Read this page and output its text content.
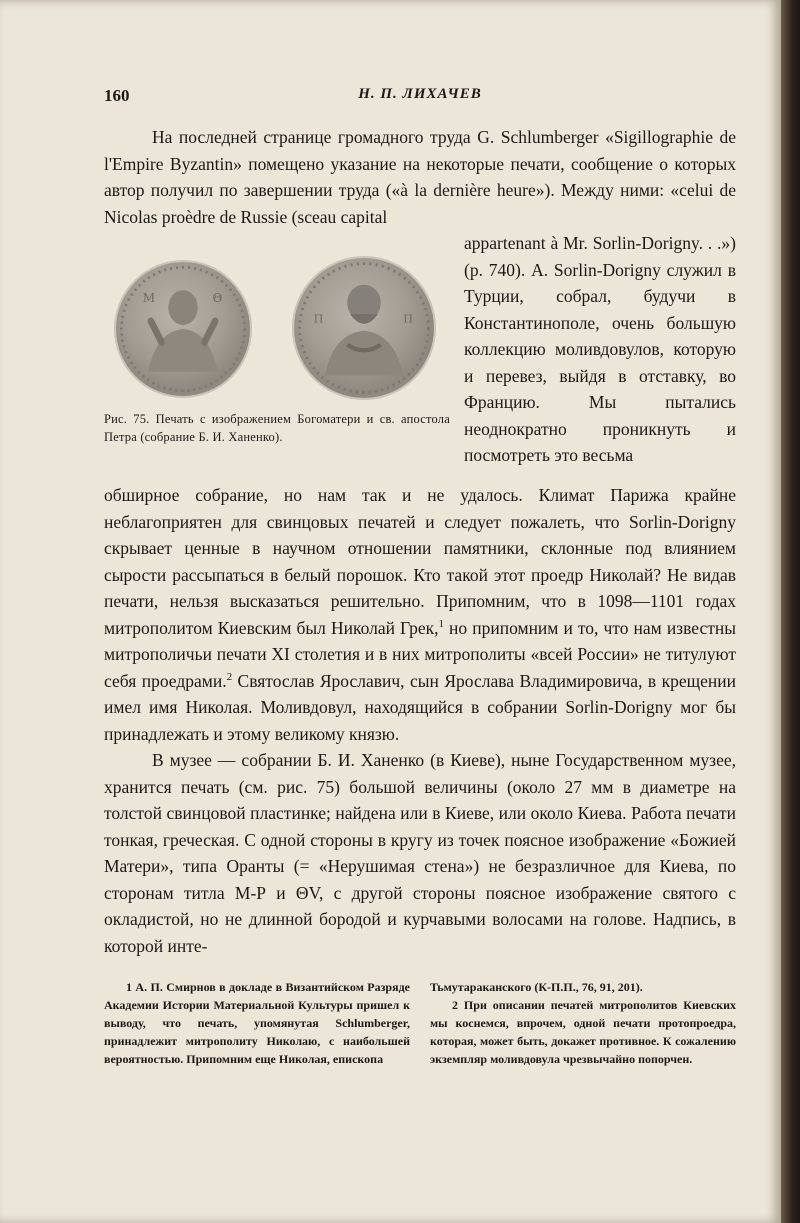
160	Н. П. ЛИХАЧЕВ
На последней странице громадного труда G. Schlumberger «Sigillographie de l'Empire Byzantin» помещено указание на некоторые печати, сообщение о которых автор получил по завершении труда («à la dernière heure»). Между ними: «celui de Nicolas proèdre de Russie (sceau capital
M	Θ
Π	Π
Рис. 75. Печать с изображением Богоматери и св. апостола Петра (собрание Б. И. Ханенко).
appartenant à Mr. Sorlin-Dorigny. . .») (p. 740). А. Sorlin-Dorigny служил в Турции, собрал, будучи в Константинополе, очень большую коллекцию моливдовулов, которую и перевез, выйдя в отставку, во Францию. Мы пытались неоднократно проникнуть и посмотреть это весьма
обширное собрание, но нам так и не удалось. Климат Парижа крайне неблагоприятен для свинцовых печатей и следует пожалеть, что Sorlin-Dorigny скрывает ценные в научном отношении памятники, склонные под влиянием сырости рассыпаться в белый порошок. Кто такой этот проедр Николай? Не видав печати, нельзя высказаться решительно. Припомним, что в 1098—1101 годах митрополитом Киевским был Николай Грек,$^1$ но припомним и то, что нам известны митрополичьи печати XI столетия и в них митрополиты «всей России» не титулуют себя проедрами.$^2$ Святослав Ярославич, сын Ярослава Владимировича, в крещении имел имя Николая. Моливдовул, находящийся в собрании Sorlin-Dorigny мог бы принадлежать и этому великому князю.

В музее — собрании Б. И. Ханенко (в Киеве), ныне Государственном музее, хранится печать (см. рис. 75) большой величины (около 27 мм в диаметре на толстой свинцовой пластинке; найдена или в Киеве, или около Киева. Работа печати тонкая, греческая. С одной стороны в кругу из точек поясное изображение «Божией Матери», типа Оранты (= «Нерушимая стена») не безразличное для Киева, по сторонам титла М-Р и ΘV, с другой стороны поясное изображение святого с окладистой, но не длинной бородой и курчавыми волосами на голове. Надпись, в которой инте-

1 А. П. Смирнов в докладе в Византийском Разряде Академии Истории Материальной Культуры пришел к выводу, что печать, упомянутая Schlumberger, принадлежит митрополиту Николаю, с наибольшей вероятностью. Припомним еще Николая, епископа

Тьмутараканского (К-П.П., 76, 91, 201).

2 При описании печатей митрополитов Киевских мы коснемся, впрочем, одной печати протопроедра, которая, может быть, докажет противное. К сожалению экземпляр моливдовула чрезвычайно попорчен.
